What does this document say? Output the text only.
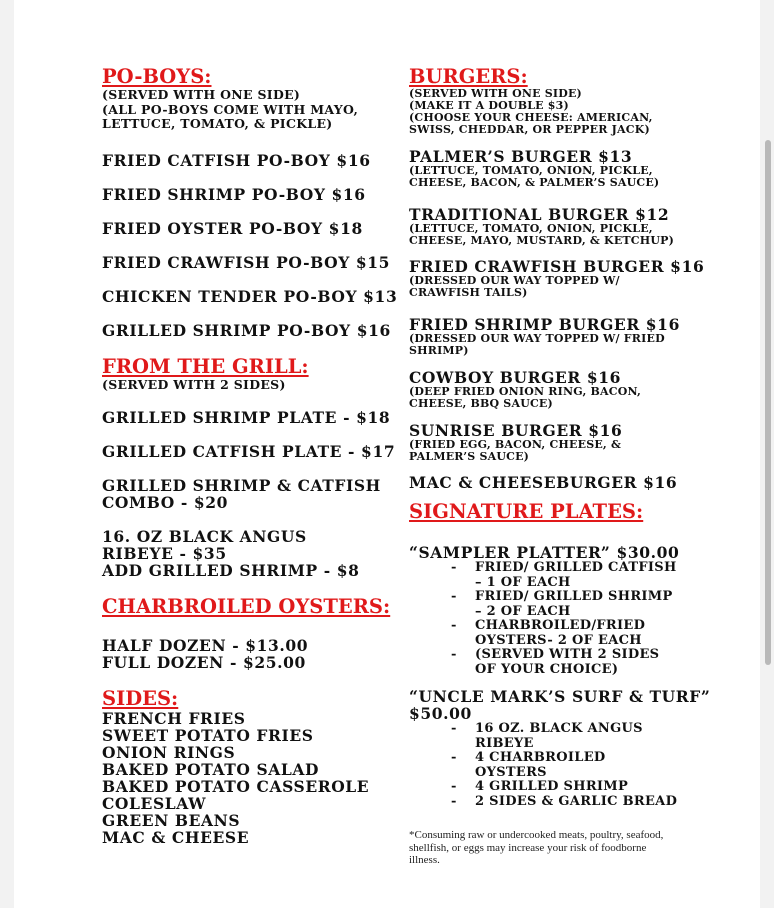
PO-BOYS:
(SERVED WITH ONE SIDE)
(ALL PO-BOYS COME WITH MAYO,
LETTUCE, TOMATO, & PICKLE)
FRIED CATFISH PO-BOY $16
FRIED SHRIMP PO-BOY $16
FRIED OYSTER PO-BOY $18
FRIED CRAWFISH PO-BOY $15
CHICKEN TENDER PO-BOY $13
GRILLED SHRIMP PO-BOY $16
FROM THE GRILL:
(SERVED WITH 2 SIDES)
GRILLED SHRIMP PLATE - $18
GRILLED CATFISH PLATE - $17
GRILLED SHRIMP & CATFISH COMBO - $20
16. OZ BLACK ANGUS RIBEYE - $35
ADD GRILLED SHRIMP - $8
CHARBROILED OYSTERS:
HALF DOZEN - $13.00
FULL DOZEN - $25.00
SIDES:
FRENCH FRIES
SWEET POTATO FRIES
ONION RINGS
BAKED POTATO SALAD
BAKED POTATO CASSEROLE
COLESLAW
GREEN BEANS
MAC & CHEESE
BURGERS:
(SERVED WITH ONE SIDE)
(MAKE IT A DOUBLE $3)
(CHOOSE YOUR CHEESE: AMERICAN, SWISS, CHEDDAR, OR PEPPER JACK)
PALMER’S BURGER $13
(LETTUCE, TOMATO, ONION, PICKLE, CHEESE, BACON, & PALMER’S SAUCE)
TRADITIONAL BURGER $12
(LETTUCE, TOMATO, ONION, PICKLE, CHEESE, MAYO, MUSTARD, & KETCHUP)
FRIED CRAWFISH BURGER $16
(DRESSED OUR WAY TOPPED W/ CRAWFISH TAILS)
FRIED SHRIMP BURGER $16
(DRESSED OUR WAY TOPPED W/ FRIED SHRIMP)
COWBOY BURGER $16
(DEEP FRIED ONION RING, BACON, CHEESE, BBQ SAUCE)
SUNRISE BURGER $16
(FRIED EGG, BACON, CHEESE, & PALMER’S SAUCE)
MAC & CHEESEBURGER $16
SIGNATURE PLATES:
“SAMPLER PLATTER” $30.00
- FRIED/ GRILLED CATFISH – 1 OF EACH
- FRIED/ GRILLED SHRIMP – 2 OF EACH
- CHARBROILED/FRIED OYSTERS- 2 OF EACH
- (SERVED WITH 2 SIDES OF YOUR CHOICE)
“UNCLE MARK’S SURF & TURF”
$50.00
- 16 OZ. BLACK ANGUS RIBEYE
- 4 CHARBROILED OYSTERS
- 4 GRILLED SHRIMP
- 2 SIDES & GARLIC BREAD
*Consuming raw or undercooked meats, poultry, seafood, shellfish, or eggs may increase your risk of foodborne illness.
